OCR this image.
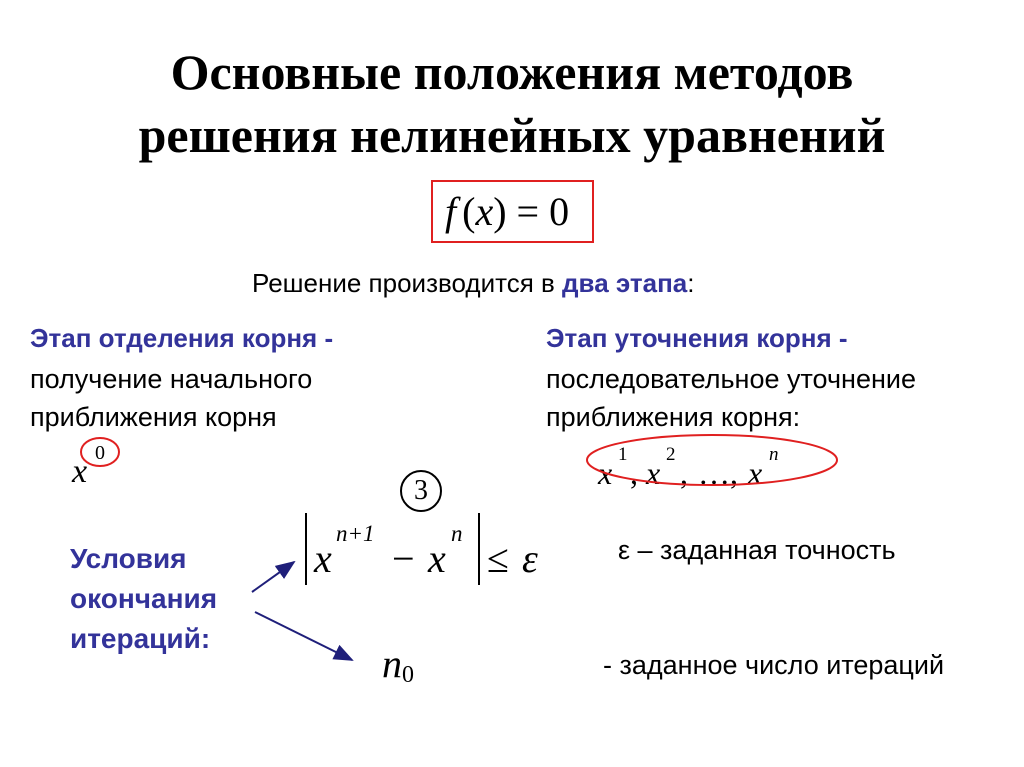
Основные положения методов
решения нелинейных уравнений
f (x) = 0
Решение производится в два этапа:
Этап отделения корня -
получение начального
приближения корня
x 0
Этап уточнения корня -
последовательное уточнение
приближения корня:
x
1
, x
2
, …, x
n
3
Условия
окончания
итераций:
x
n+1
− x
n
≤ ε	ε – заданная точность
n 0	- заданное число итераций
